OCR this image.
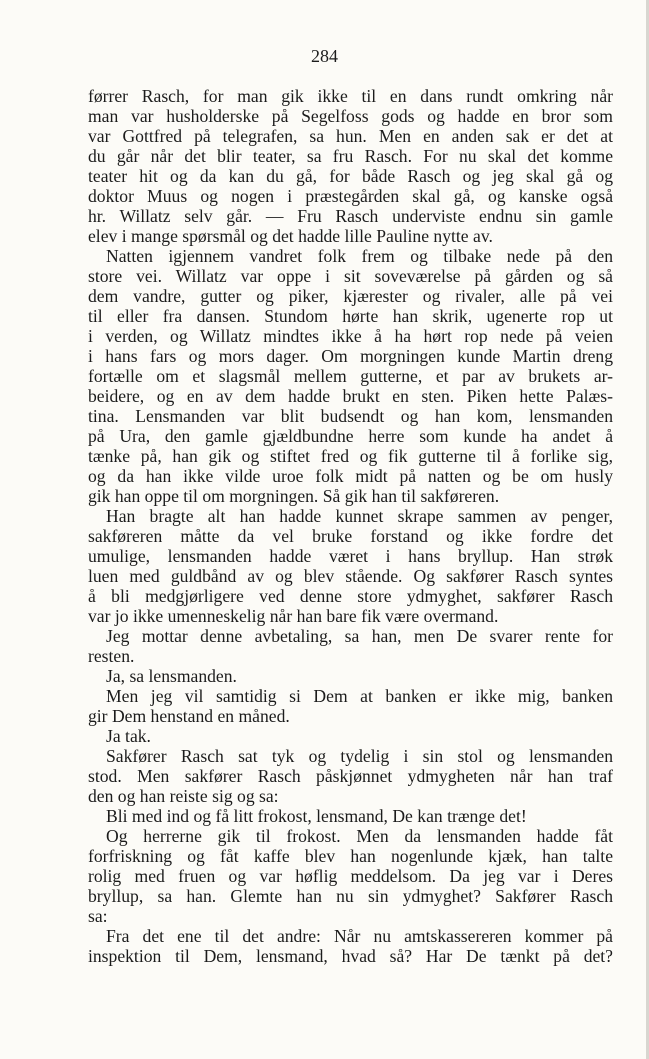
284
førrer Rasch, for man gik ikke til en dans rundt omkring når
man var husholderske på Segelfoss gods og hadde en bror som
var Gottfred på telegrafen, sa hun. Men en anden sak er det at
du går når det blir teater, sa fru Rasch. For nu skal det komme
teater hit og da kan du gå, for både Rasch og jeg skal gå og
doktor Muus og nogen i præstegården skal gå, og kanske også
hr. Willatz selv går. — Fru Rasch underviste endnu sin gamle
elev i mange spørsmål og det hadde lille Pauline nytte av.
Natten igjennem vandret folk frem og tilbake nede på den
store vei. Willatz var oppe i sit soveværelse på gården og så
dem vandre, gutter og piker, kjærester og rivaler, alle på vei
til eller fra dansen. Stundom hørte han skrik, ugenerte rop ut
i verden, og Willatz mindtes ikke å ha hørt rop nede på veien
i hans fars og mors dager. Om morgningen kunde Martin dreng
fortælle om et slagsmål mellem gutterne, et par av brukets ar-
beidere, og en av dem hadde brukt en sten. Piken hette Palæs-
tina. Lensmanden var blit budsendt og han kom, lensmanden
på Ura, den gamle gjældbundne herre som kunde ha andet å
tænke på, han gik og stiftet fred og fik gutterne til å forlike sig,
og da han ikke vilde uroe folk midt på natten og be om husly
gik han oppe til om morgningen. Så gik han til sakføreren.
Han bragte alt han hadde kunnet skrape sammen av penger,
sakføreren måtte da vel bruke forstand og ikke fordre det
umulige, lensmanden hadde været i hans bryllup. Han strøk
luen med guldbånd av og blev stående. Og sakfører Rasch syntes
å bli medgjørligere ved denne store ydmyghet, sakfører Rasch
var jo ikke umenneskelig når han bare fik være overmand.
Jeg mottar denne avbetaling, sa han, men De svarer rente for
resten.
Ja, sa lensmanden.
Men jeg vil samtidig si Dem at banken er ikke mig, banken
gir Dem henstand en måned.
Ja tak.
Sakfører Rasch sat tyk og tydelig i sin stol og lensmanden
stod. Men sakfører Rasch påskjønnet ydmygheten når han traf
den og han reiste sig og sa:
Bli med ind og få litt frokost, lensmand, De kan trænge det!
Og herrerne gik til frokost. Men da lensmanden hadde fåt
forfriskning og fåt kaffe blev han nogenlunde kjæk, han talte
rolig med fruen og var høflig meddelsom. Da jeg var i Deres
bryllup, sa han. Glemte han nu sin ydmyghet? Sakfører Rasch
sa:
Fra det ene til det andre: Når nu amtskassereren kommer på
inspektion til Dem, lensmand, hvad så? Har De tænkt på det?
